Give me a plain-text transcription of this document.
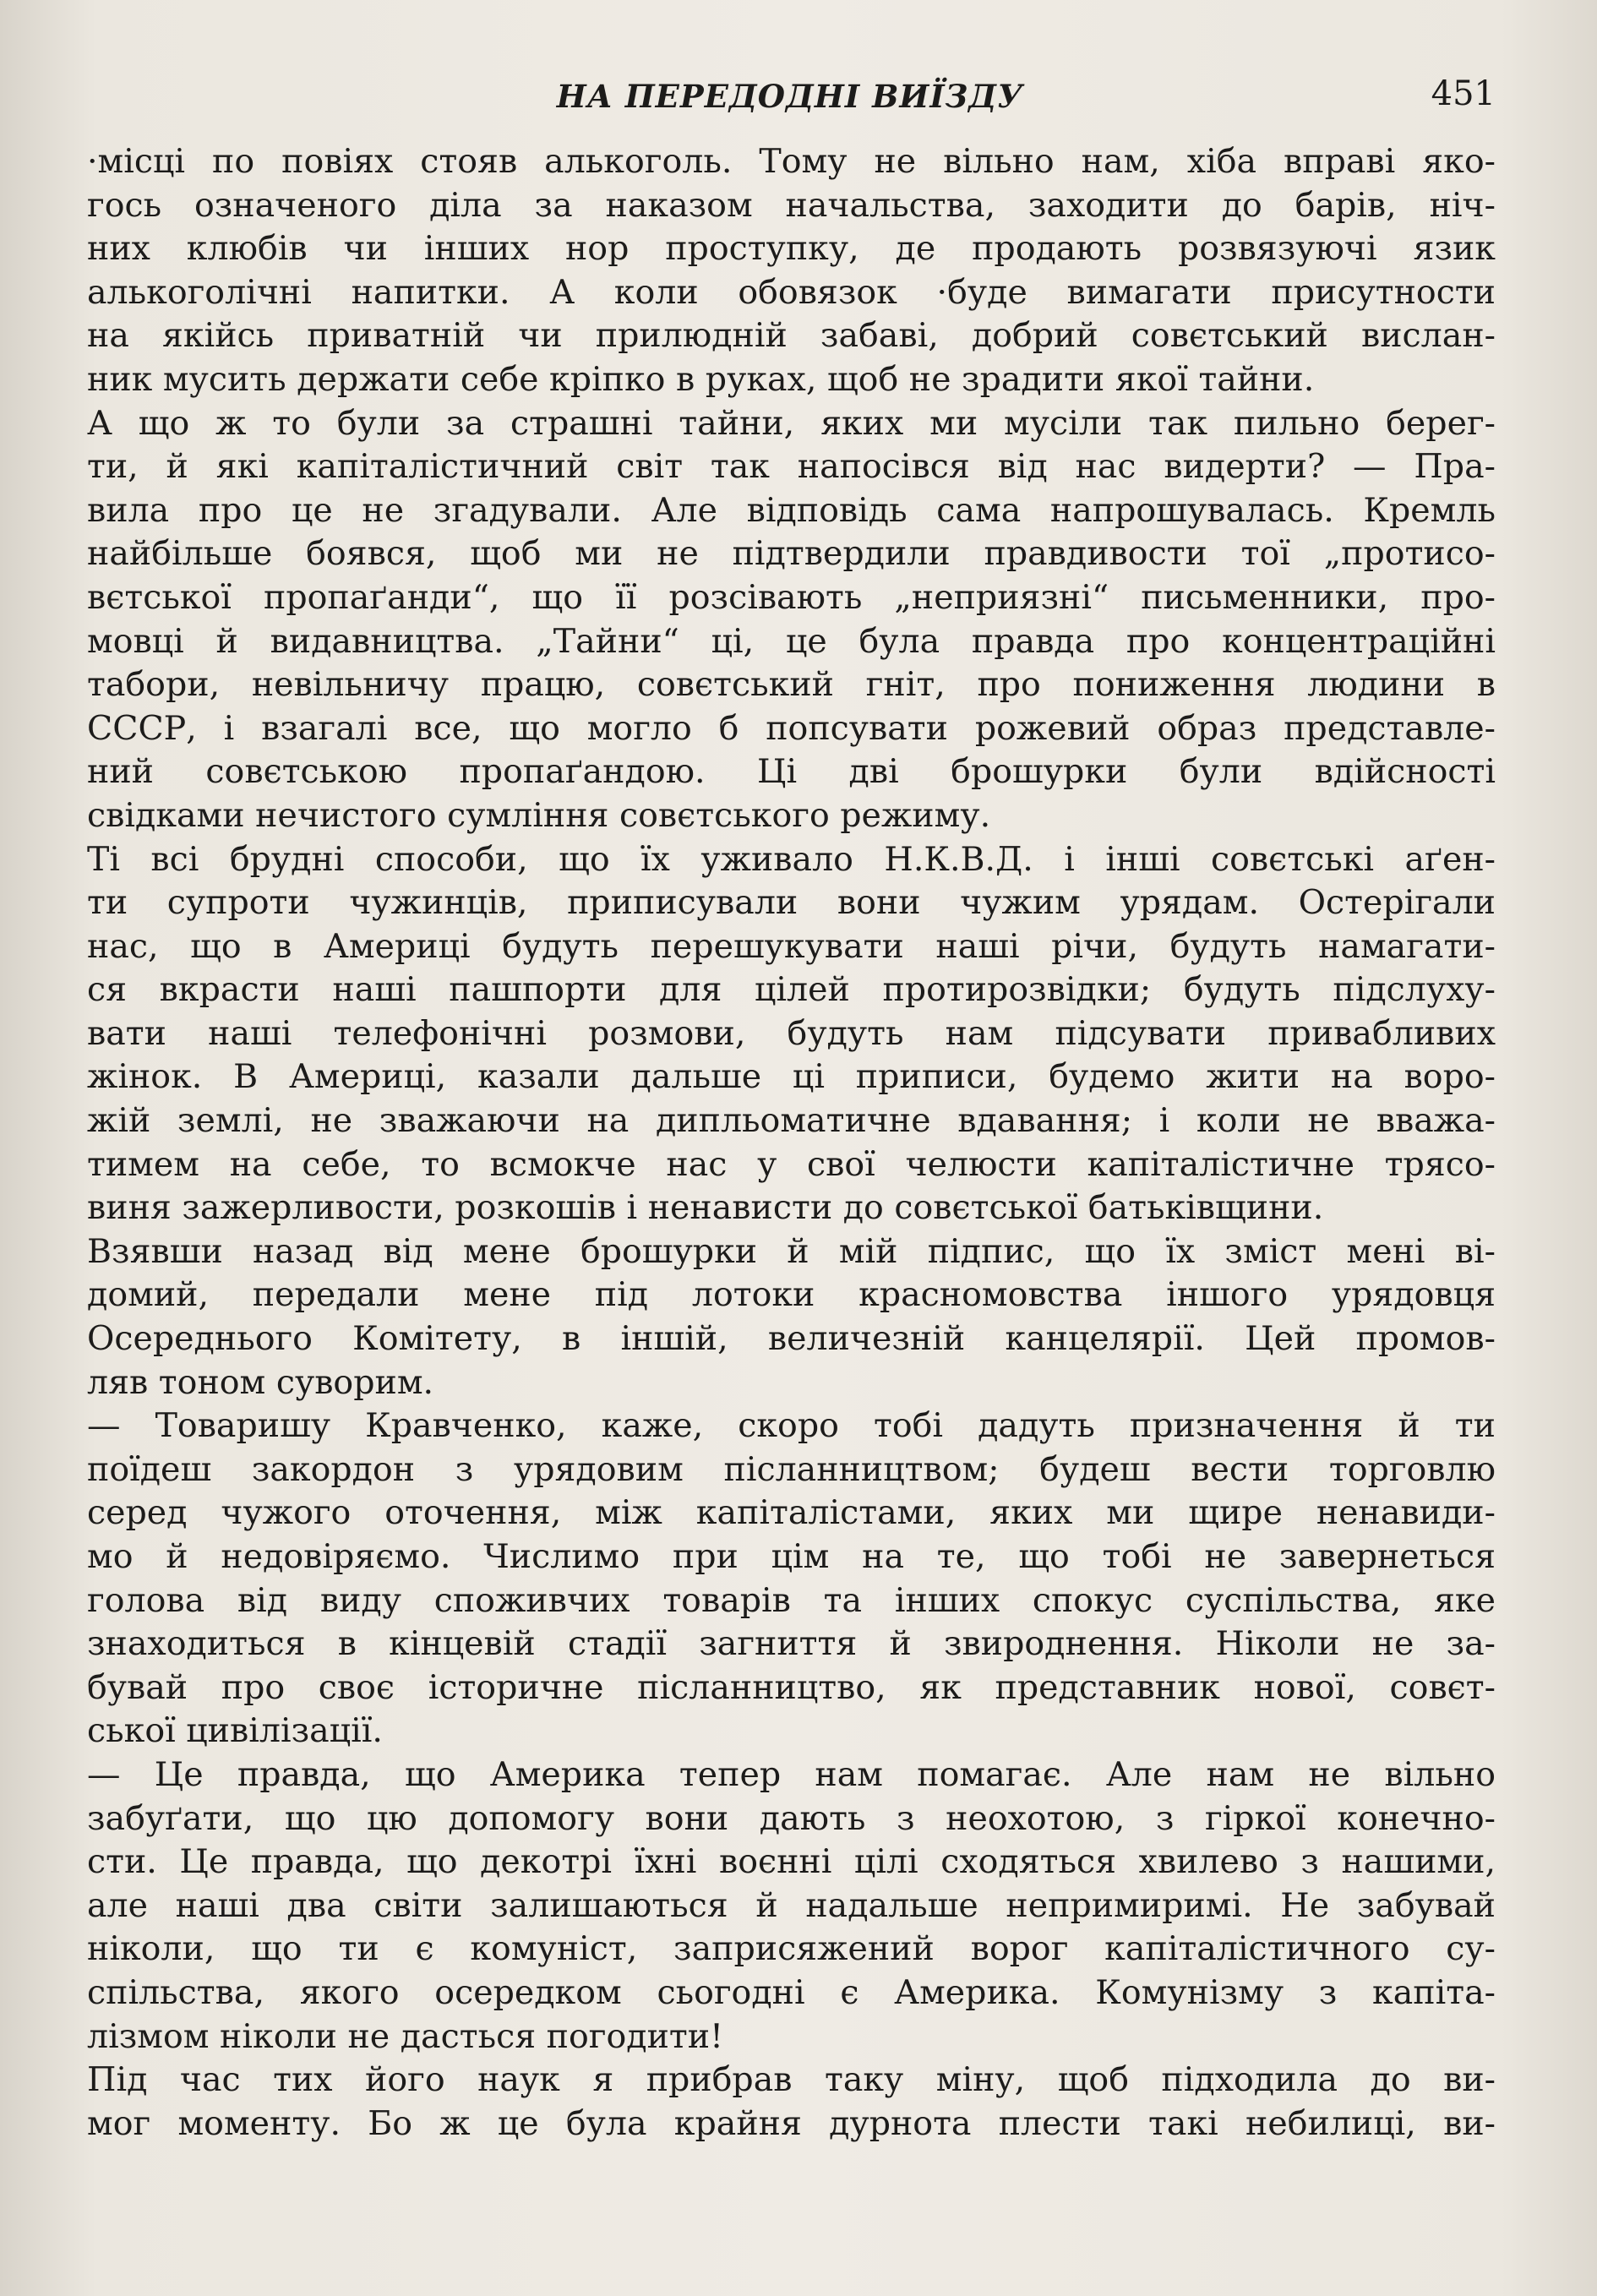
НА ПЕРЕДОДНІ ВИЇЗДУ	451
·місці по повіях стояв алькоголь. Тому не вільно нам, хіба вправі яко-
гось означеного діла за наказом начальства, заходити до барів, ніч-
них клюбів чи інших нор проступку, де продають розвязуючі язик
алькоголічні напитки. А коли обовязок ·буде вимагати присутности
на якійсь приватній чи прилюдній забаві, добрий совєтський вислан-
ник мусить держати себе кріпко в руках, щоб не зрадити якої тайни.
А що ж то були за страшні тайни, яких ми мусіли так пильно берег-
ти, й які капіталістичний світ так напосівся від нас видерти? — Пра-
вила про це не згадували. Але відповідь сама напрошувалась. Кремль
найбільше боявся, щоб ми не підтвердили правдивости тої „протисо-
вєтської пропаґанди“, що її розсівають „неприязні“ письменники, про-
мовці й видавництва. „Тайни“ ці, це була правда про концентраційні
табори, невільничу працю, совєтський гніт, про пониження людини в
СССР, і взагалі все, що могло б попсувати рожевий образ представле-
ний совєтською пропаґандою. Ці дві брошурки були вдійсності
свідками нечистого сумління совєтського режиму.
Ті всі брудні способи, що їх уживало Н.К.В.Д. і інші совєтські аґен-
ти супроти чужинців, приписували вони чужим урядам. Остерігали
нас, що в Америці будуть перешукувати наші річи, будуть намагати-
ся вкрасти наші пашпорти для цілей протирозвідки; будуть підслуху-
вати наші телефонічні розмови, будуть нам підсувати привабливих
жінок. В Америці, казали дальше ці приписи, будемо жити на воро-
жій землі, не зважаючи на дипльоматичне вдавання; і коли не вважа-
тимем на себе, то всмокче нас у свої челюсти капіталістичне трясо-
виня зажерливости, розкошів і ненависти до совєтської батьківщини.
Взявши назад від мене брошурки й мій підпис, що їх зміст мені ві-
домий, передали мене під лотоки красномовства іншого урядовця
Осереднього Комітету, в іншій, величезній канцелярії. Цей промов-
ляв тоном суворим.
— Товаришу Кравченко, каже, скоро тобі дадуть призначення й ти
поїдеш закордон з урядовим післанництвом; будеш вести торговлю
серед чужого оточення, між капіталістами, яких ми щире ненавиди-
мо й недовіряємо. Числимо при цім на те, що тобі не завернеться
голова від виду споживчих товарів та інших спокус суспільства, яке
знаходиться в кінцевій стадії загниття й звироднення. Ніколи не за-
бувай про своє історичне післанництво, як представник нової, совєт-
ської цивілізації.
— Це правда, що Америка тепер нам помагає. Але нам не вільно
забуґати, що цю допомогу вони дають з неохотою, з гіркої конечно-
сти. Це правда, що декотрі їхні воєнні цілі сходяться хвилево з нашими,
але наші два світи залишаються й надальше непримиримі. Не забувай
ніколи, що ти є комуніст, заприсяжений ворог капіталістичного су-
спільства, якого осередком сьогодні є Америка. Комунізму з капіта-
лізмом ніколи не дасться погодити!
Під час тих його наук я прибрав таку міну, щоб підходила до ви-
мог моменту. Бо ж це була крайня дурнота плести такі небилиці, ви-
